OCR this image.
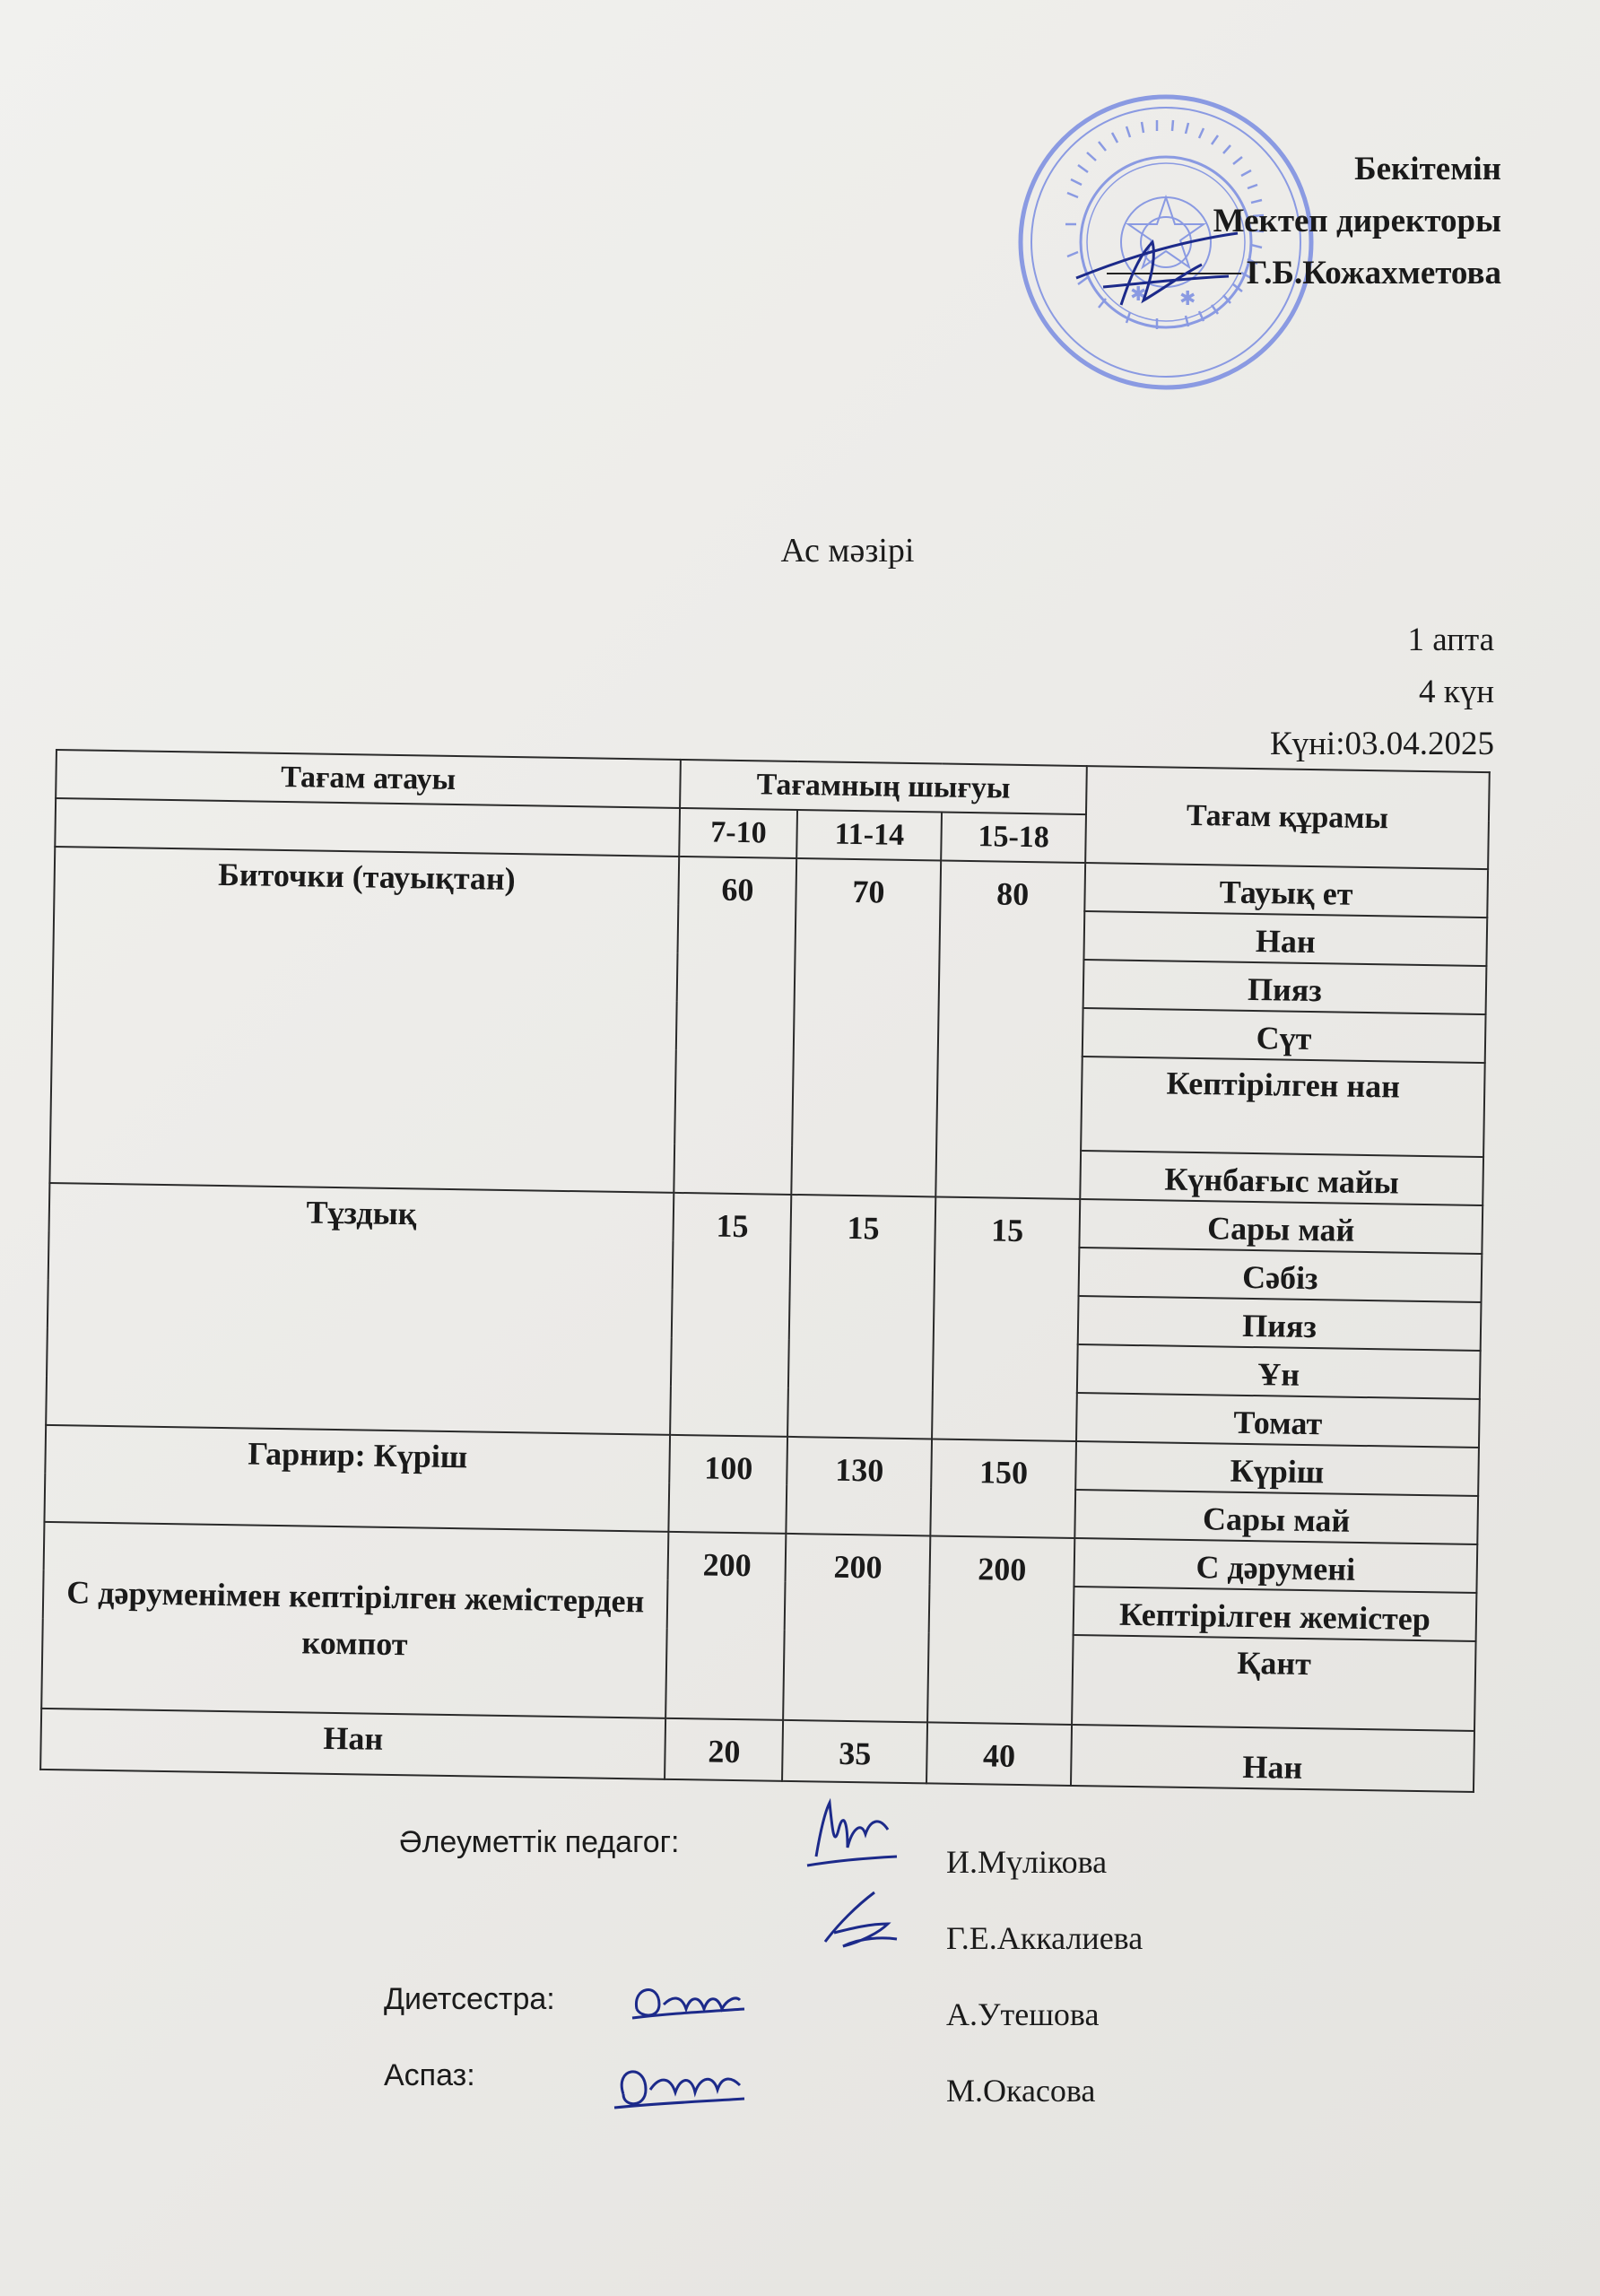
✱ ✱
Бекітемін
Мектеп директоры
Г.Б.Кожахметова
Ас мәзірі
1 апта
4 күн
Күні:03.04.2025
Тағам атауы	Тағамның шығуы			Тағам құрамы
	7-10	11-14	15-18	
Биточки (тауықтан)	60	70	80	Тауық ет
				Нан
				Пияз
				Сүт
				Кептірілген нан
				Күнбағыс майы
Тұздық	15	15	15	Сары май
				Сәбіз
				Пияз
				Ұн
				Томат
Гарнир: Күріш	100	130	150	Күріш
				Сары май
С дәруменімен кептірілген жемістерден компот	200	200	200	С дәрумені
				Кептірілген жемістер
				Қант
Нан	20	35	40	Нан
Әлеуметтік педагог:
И.Мүлікова
Г.Е.Аккалиева
Диетсестра:	А.Утешова
Аспаз:	М.Окасова
